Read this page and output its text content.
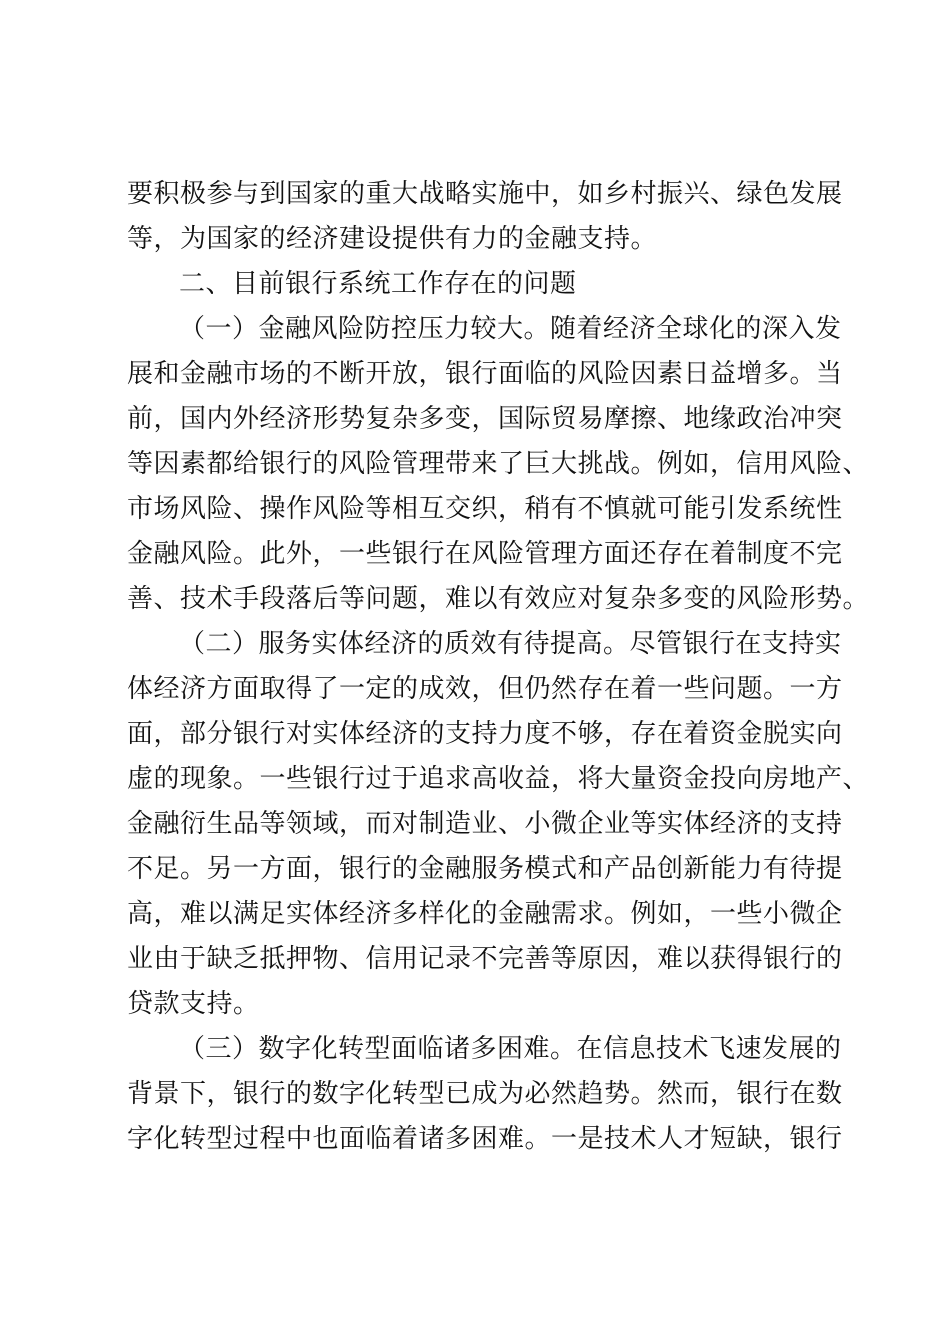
要积极参与到国家的重大战略实施中，如乡村振兴、绿色发展
等，为国家的经济建设提供有力的金融支持。
二、目前银行系统工作存在的问题
（一）金融风险防控压力较大。随着经济全球化的深入发
展和金融市场的不断开放，银行面临的风险因素日益增多。当
前，国内外经济形势复杂多变，国际贸易摩擦、地缘政治冲突
等因素都给银行的风险管理带来了巨大挑战。例如，信用风险、
市场风险、操作风险等相互交织，稍有不慎就可能引发系统性
金融风险。此外，一些银行在风险管理方面还存在着制度不完
善、技术手段落后等问题，难以有效应对复杂多变的风险形势。
（二）服务实体经济的质效有待提高。尽管银行在支持实
体经济方面取得了一定的成效，但仍然存在着一些问题。一方
面，部分银行对实体经济的支持力度不够，存在着资金脱实向
虚的现象。一些银行过于追求高收益，将大量资金投向房地产、
金融衍生品等领域，而对制造业、小微企业等实体经济的支持
不足。另一方面，银行的金融服务模式和产品创新能力有待提
高，难以满足实体经济多样化的金融需求。例如，一些小微企
业由于缺乏抵押物、信用记录不完善等原因，难以获得银行的
贷款支持。
（三）数字化转型面临诸多困难。在信息技术飞速发展的
背景下，银行的数字化转型已成为必然趋势。然而，银行在数
字化转型过程中也面临着诸多困难。一是技术人才短缺，银行
